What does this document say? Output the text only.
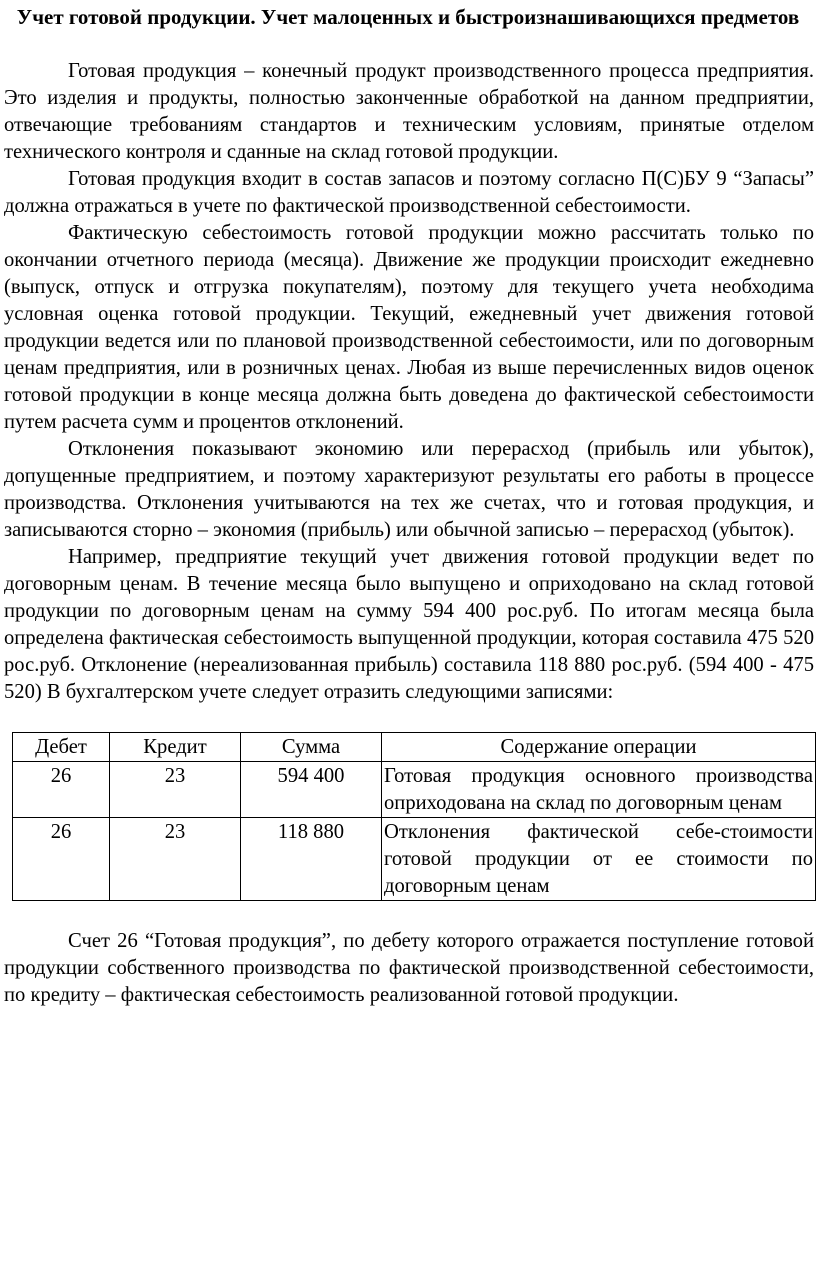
Учет готовой продукции. Учет малоценных и быстроизнашивающихся предметов

Готовая продукция – конечный продукт производственного процесса предприятия. Это изделия и продукты, полностью законченные обработкой на данном предприятии, отвечающие требованиям стандартов и техническим условиям, принятые отделом технического контроля и сданные на склад готовой продукции.

Готовая продукция входит в состав запасов и поэтому согласно П(С)БУ 9 “Запасы” должна отражаться в учете по фактической производственной себестоимости.

Фактическую себестоимость готовой продукции можно рассчитать только по окончании отчетного периода (месяца). Движение же продукции происходит ежедневно (выпуск, отпуск и отгрузка покупателям), поэтому для текущего учета необходима условная оценка готовой продукции. Текущий, ежедневный учет движения готовой продукции ведется или по плановой производственной себестоимости, или по договорным ценам предприятия, или в розничных ценах. Любая из выше перечисленных видов оценок готовой продукции в конце месяца должна быть доведена до фактической себестоимости путем расчета сумм и процентов отклонений.

Отклонения показывают экономию или перерасход (прибыль или убыток), допущенные предприятием, и поэтому характеризуют результаты его работы в процессе производства. Отклонения учитываются на тех же счетах, что и готовая продукция, и записываются сторно – экономия (прибыль) или обычной записью – перерасход (убыток).

Например, предприятие текущий учет движения готовой продукции ведет по договорным ценам. В течение месяца было выпущено и оприходовано на склад готовой продукции по договорным ценам на сумму 594 400 рос.руб. По итогам месяца была определена фактическая себестоимость выпущенной продукции, которая составила 475 520 рос.руб. Отклонение (нереализованная прибыль) составила 118 880 рос.руб. (594 400 - 475 520) В бухгалтерском учете следует отразить следующими записями:

Дебет	Кредит	Сумма	Содержание операции
26	23	594 400	Готовая продукция основного производства оприходована на склад по договорным ценам
26	23	118 880	Отклонения фактической себе-стоимости готовой продукции от ее стоимости по договорным ценам

Счет 26 “Готовая продукция”, по дебету которого отражается поступление готовой продукции собственного производства по фактической производственной себестоимости, по кредиту – фактическая себестоимость реализованной готовой продукции.
